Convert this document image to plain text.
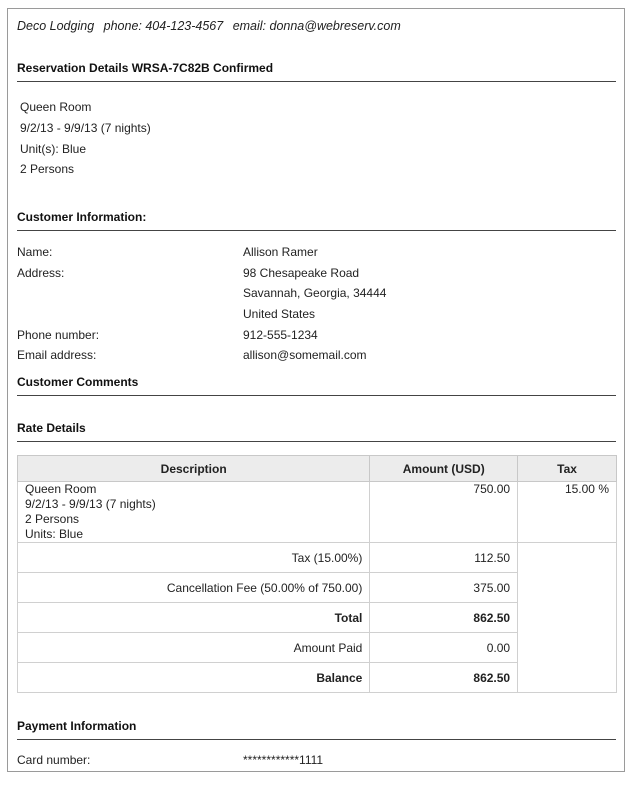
Deco Lodging phone: 404-123-4567 email: donna@webreserv.com
Reservation Details WRSA-7C82B Confirmed
Queen Room
9/2/13 - 9/9/13 (7 nights)
Unit(s): Blue
2 Persons
Customer Information:
Name:	Allison Ramer
Address:	98 Chesapeake Road
Savannah, Georgia, 34444
United States
Phone number:	912-555-1234
Email address:	allison@somemail.com
Customer Comments
Rate Details
Description	Amount (USD)	Tax

Queen Room
9/2/13 - 9/9/13 (7 nights)
2 Persons
Units: Blue	750.00	15.00 %
Tax (15.00%)	112.50	
Cancellation Fee (50.00% of 750.00)	375.00	
Total	862.50	
Amount Paid	0.00	
Balance	862.50	
Payment Information
Card number:	************1111
